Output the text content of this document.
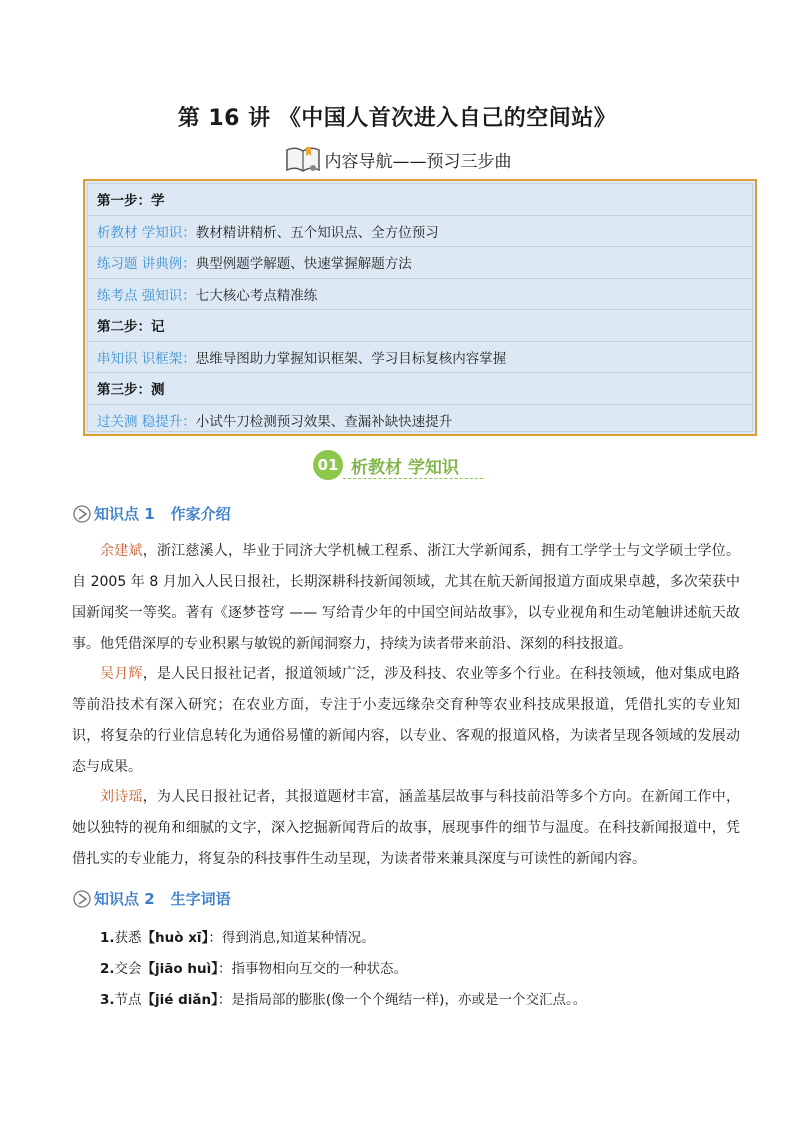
第 16 讲 《中国人首次进入自己的空间站》
内容导航——预习三步曲
第一步：学
析教材 学知识： 教材精讲精析、五个知识点、全方位预习
练习题 讲典例： 典型例题学解题、快速掌握解题方法
练考点 强知识： 七大核心考点精准练
第二步：记
串知识 识框架： 思维导图助力掌握知识框架、学习目标复核内容掌握
第三步：测
过关测 稳提升： 小试牛刀检测预习效果、查漏补缺快速提升
01 析教材 学知识
知识点 1 作家介绍
余建斌，浙江慈溪人，毕业于同济大学机械工程系、浙江大学新闻系，拥有工学学士与文学硕士学位。自 2005 年 8 月加入人民日报社，长期深耕科技新闻领域，尤其在航天新闻报道方面成果卓越，多次荣获中国新闻奖一等奖。著有《逐梦苍穹 —— 写给青少年的中国空间站故事》，以专业视角和生动笔触讲述航天故事。他凭借深厚的专业积累与敏锐的新闻洞察力，持续为读者带来前沿、深刻的科技报道。
吴月辉，是人民日报社记者，报道领域广泛，涉及科技、农业等多个行业。在科技领域，他对集成电路等前沿技术有深入研究；在农业方面，专注于小麦远缘杂交育种等农业科技成果报道，凭借扎实的专业知识，将复杂的行业信息转化为通俗易懂的新闻内容，以专业、客观的报道风格，为读者呈现各领域的发展动态与成果。
刘诗瑶，为人民日报社记者，其报道题材丰富，涵盖基层故事与科技前沿等多个方向。在新闻工作中，她以独特的视角和细腻的文字，深入挖掘新闻背后的故事，展现事件的细节与温度。在科技新闻报道中，凭借扎实的专业能力，将复杂的科技事件生动呈现，为读者带来兼具深度与可读性的新闻内容。
知识点 2 生字词语
1.获悉【huò xī】：得到消息,知道某种情况。
2.交会【jiāo huì】：指事物相向互交的一种状态。
3.节点【jié diǎn】：是指局部的膨胀(像一个个绳结一样)，亦或是一个交汇点。。
